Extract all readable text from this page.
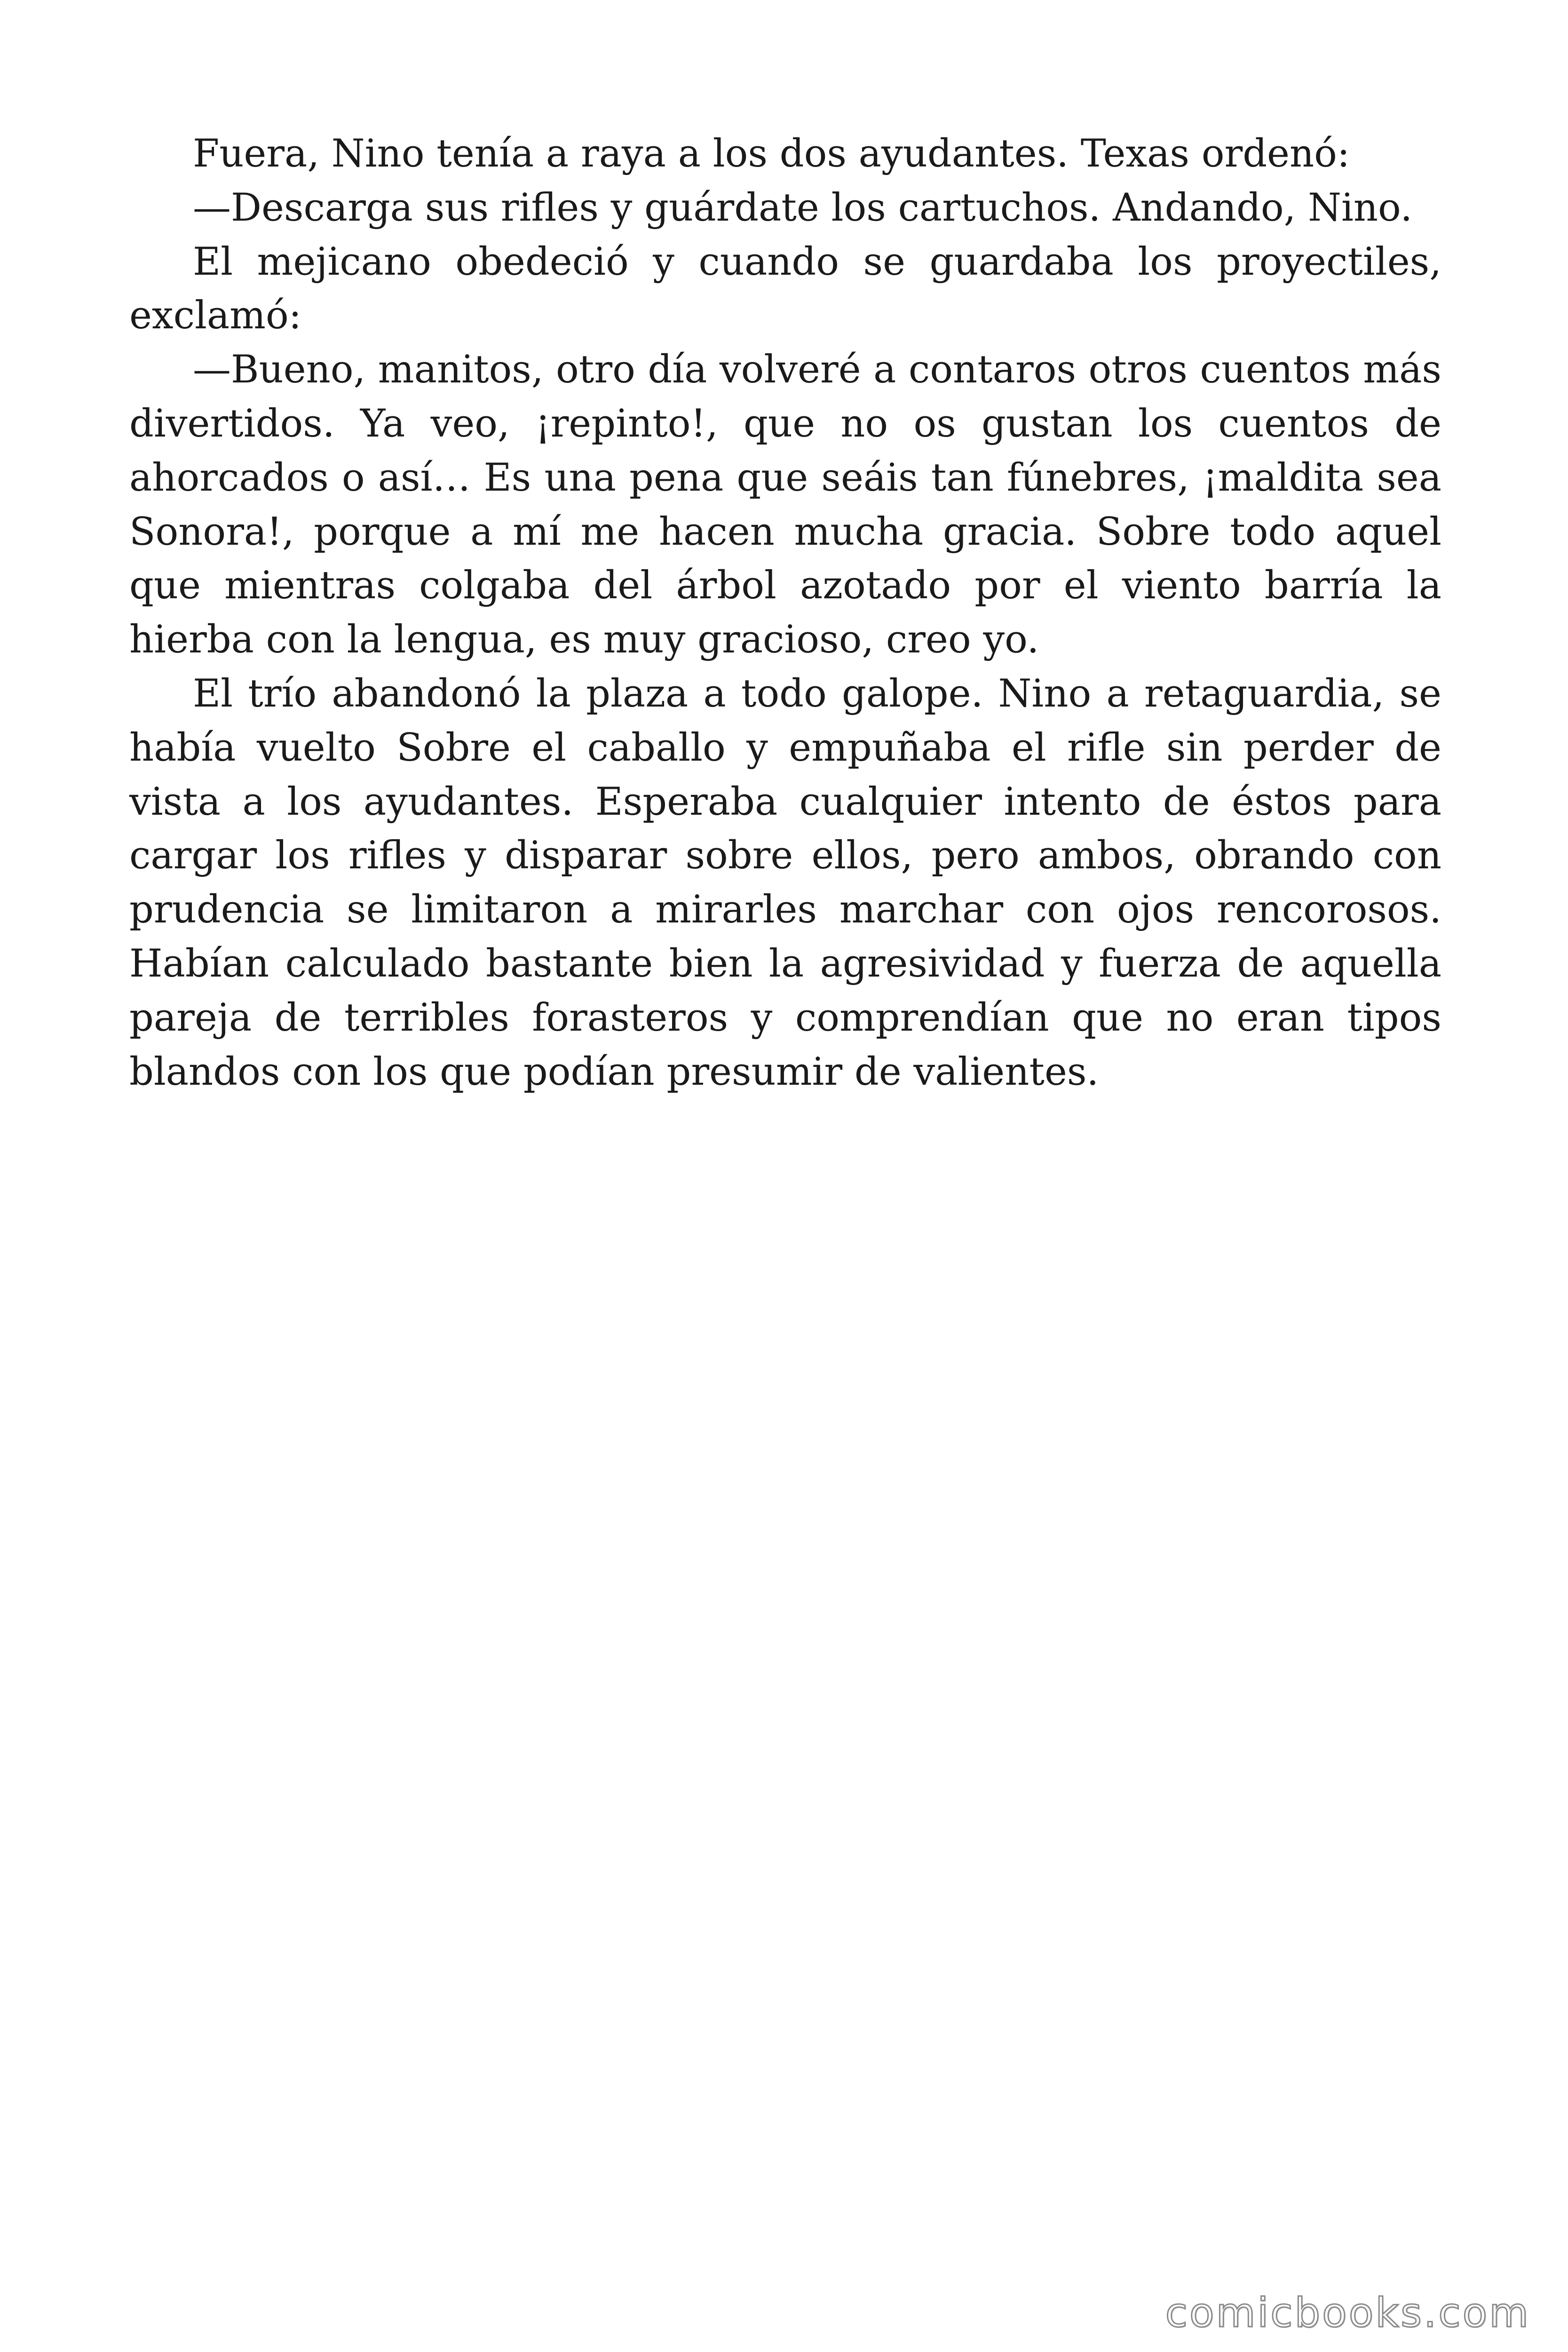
Fuera, Nino tenía a raya a los dos ayudantes. Texas ordenó:

—Descarga sus rifles y guárdate los cartuchos. Andando, Nino.

El mejicano obedeció y cuando se guardaba los proyectiles, exclamó:

—Bueno, manitos, otro día volveré a contaros otros cuentos más divertidos. Ya veo, ¡repinto!, que no os gustan los cuentos de ahorcados o así… Es una pena que seáis tan fúnebres, ¡maldita sea Sonora!, porque a mí me hacen mucha gracia. Sobre todo aquel que mientras colgaba del árbol azotado por el viento barría la hierba con la lengua, es muy gracioso, creo yo.

El trío abandonó la plaza a todo galope. Nino a retaguardia, se había vuelto Sobre el caballo y empuñaba el rifle sin perder de vista a los ayudantes. Esperaba cualquier intento de éstos para cargar los rifles y disparar sobre ellos, pero ambos, obrando con prudencia se limitaron a mirarles marchar con ojos rencorosos. Habían calculado bastante bien la agresividad y fuerza de aquella pareja de terribles forasteros y comprendían que no eran tipos blandos con los que podían presumir de valientes.

comicbooks.com
